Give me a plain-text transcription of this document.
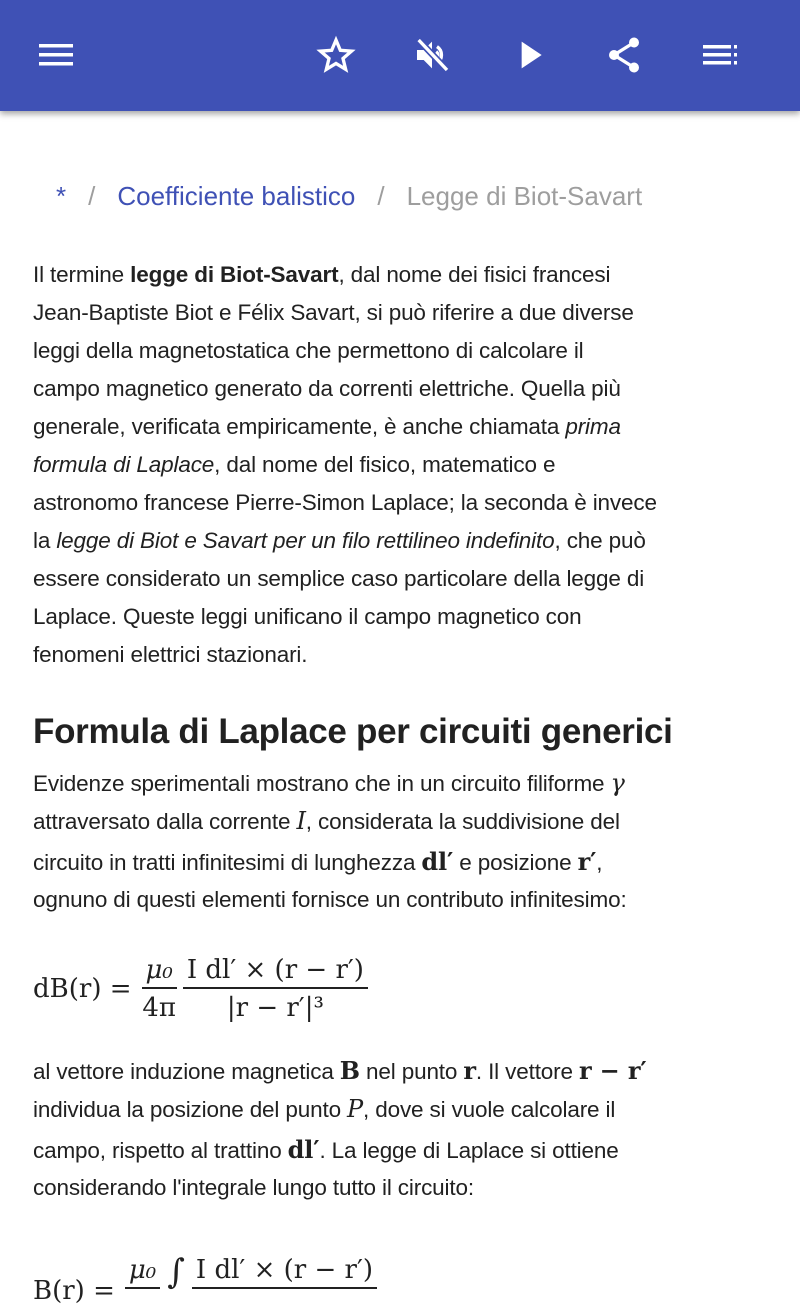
* / Coefficiente balistico / Legge di Biot-Savart
Il termine legge di Biot-Savart, dal nome dei fisici francesi
Jean-Baptiste Biot e Félix Savart, si può riferire a due diverse
leggi della magnetostatica che permettono di calcolare il
campo magnetico generato da correnti elettriche. Quella più
generale, verificata empiricamente, è anche chiamata prima
formula di Laplace, dal nome del fisico, matematico e
astronomo francese Pierre-Simon Laplace; la seconda è invece
la legge di Biot e Savart per un filo rettilineo indefinito, che può
essere considerato un semplice caso particolare della legge di
Laplace. Queste leggi unificano il campo magnetico con
fenomeni elettrici stazionari.
Formula di Laplace per circuiti generici
Evidenze sperimentali mostrano che in un circuito filiforme γ
attraversato dalla corrente I, considerata la suddivisione del
circuito in tratti infinitesimi di lunghezza dl′ e posizione r′,
ognuno di questi elementi fornisce un contributo infinitesimo:
$dB(r) = \frac{\text{μ₀}}{4\pi} \frac{\text{I dl′ × (r − r′)}}{\text{|r − r′|³}}$
al vettore induzione magnetica B nel punto r. Il vettore r − r′
individua la posizione del punto P, dove si vuole calcolare il
campo, rispetto al trattino dl′. La legge di Laplace si ottiene
considerando l'integrale lungo tutto il circuito:
B(r) =
μ₀ ∫ I dl′ × (r − r′)
